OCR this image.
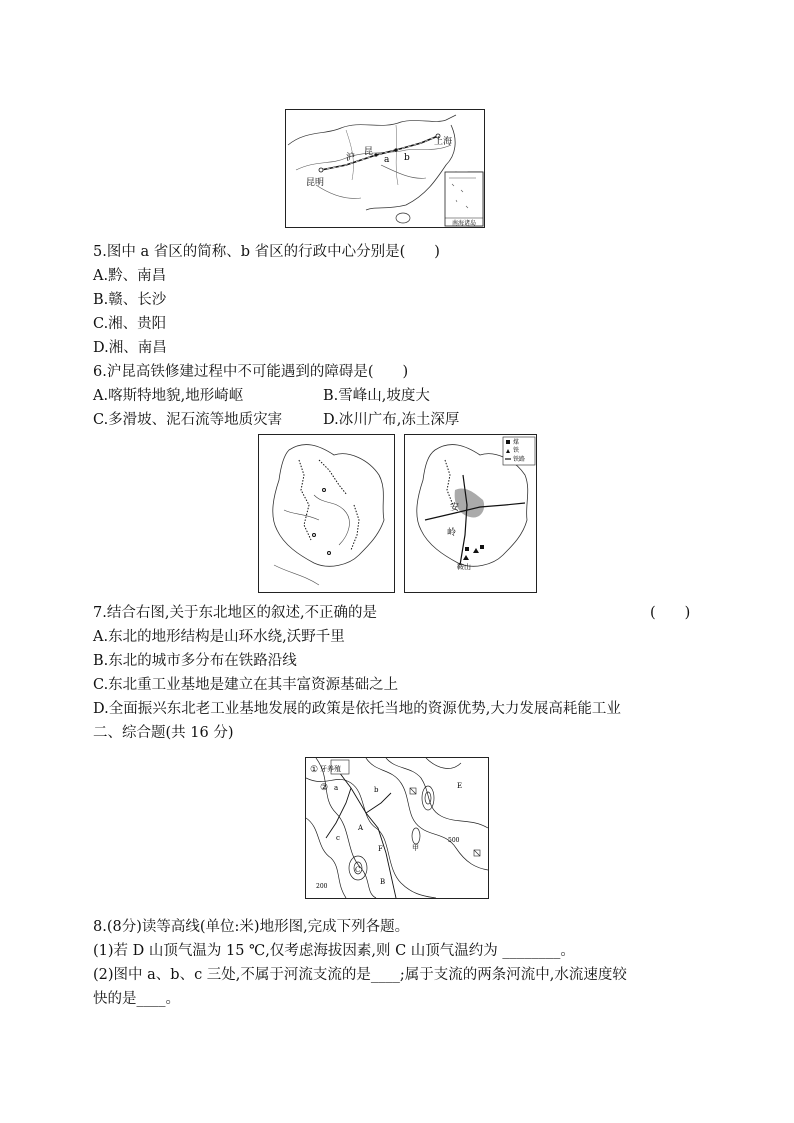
南海诸岛
沪
昆
a b
上海
昆明
5.图中 a 省区的简称、b 省区的行政中心分别是(　　)
A.黔、南昌
B.赣、长沙
C.湘、贵阳
D.湘、南昌
6.沪昆高铁修建过程中不可能遇到的障碍是(　　)
A.喀斯特地貌,地形崎岖	B.雪峰山,坡度大
C.多滑坡、泥石流等地质灾害	D.冰川广布,冻土深厚
煤
铁
铁路
安
岭
鞍山
7.结合右图,关于东北地区的叙述,不正确的是	(　　)
A.东北的地形结构是山环水绕,沃野千里
B.东北的城市多分布在铁路沿线
C.东北重工业基地是建立在其丰富资源基础之上
D.全面振兴东北老工业基地发展的政策是依托当地的资源优势,大力发展高耗能工业
二、综合题(共 16 分)
①
②
牙养殖
a	b
c
A
B
C
E
F	甲
500
200
8.(8分)读等高线(单位:米)地形图,完成下列各题。
(1)若 D 山顶气温为 15 ℃,仅考虑海拔因素,则 C 山顶气温约为 ________。
(2)图中 a、b、c 三处,不属于河流支流的是____;属于支流的两条河流中,水流速度较
快的是____。
